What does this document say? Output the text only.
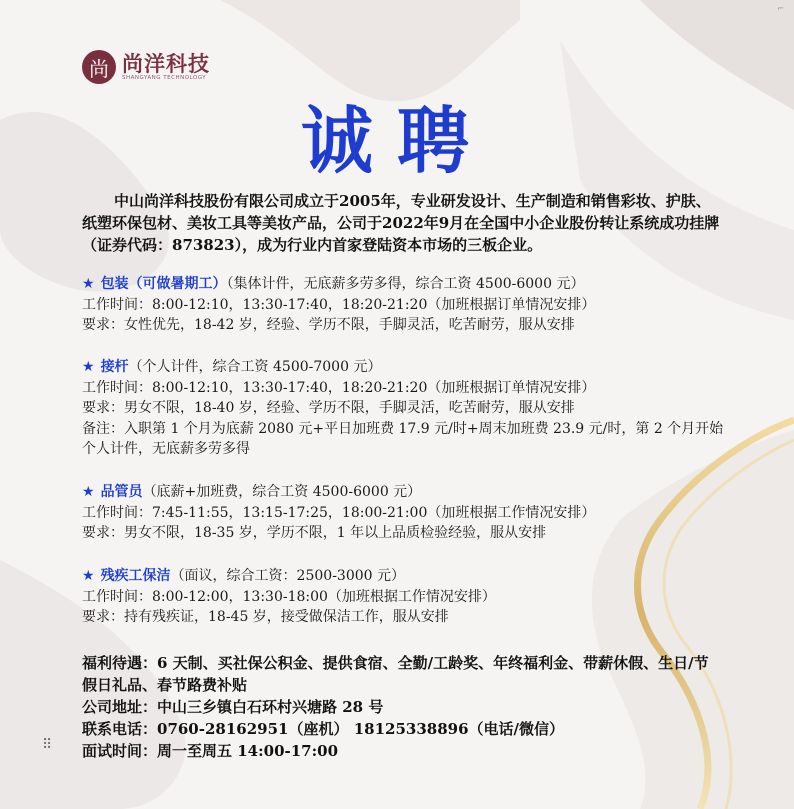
⌐
尚 尚洋科技
SHANGYANG TECHNOLOGY
诚聘
中山尚洋科技股份有限公司成立于2005年，专业研发设计、生产制造和销售彩妆、护肤、纸塑环保包材、美妆工具等美妆产品，公司于2022年9月在全国中小企业股份转让系统成功挂牌（证券代码：873823），成为行业内首家登陆资本市场的三板企业。
★ 包装（可做暑期工）（集体计件，无底薪多劳多得，综合工资 4500-6000 元）
工作时间：8:00-12:10，13:30-17:40，18:20-21:20（加班根据订单情况安排）
要求：女性优先，18-42 岁，经验、学历不限，手脚灵活，吃苦耐劳，服从安排
★ 接杆（个人计件，综合工资 4500-7000 元）
工作时间：8:00-12:10，13:30-17:40，18:20-21:20（加班根据订单情况安排）
要求：男女不限，18-40 岁，经验、学历不限，手脚灵活，吃苦耐劳，服从安排
备注：入职第 1 个月为底薪 2080 元+平日加班费 17.9 元/时+周末加班费 23.9 元/时，第 2 个月开始个人计件，无底薪多劳多得
★ 品管员（底薪+加班费，综合工资 4500-6000 元）
工作时间：7:45-11:55，13:15-17:25，18:00-21:00（加班根据工作情况安排）
要求：男女不限，18-35 岁，学历不限，1 年以上品质检验经验，服从安排
★ 残疾工保洁（面议，综合工资：2500-3000 元）
工作时间：8:00-12:00，13:30-18:00（加班根据工作情况安排）
要求：持有残疾证，18-45 岁，接受做保洁工作，服从安排
福利待遇：6 天制、买社保公积金、提供食宿、全勤/工龄奖、年终福利金、带薪休假、生日/节假日礼品、春节路费补贴
公司地址：中山三乡镇白石环村兴塘路 28 号
联系电话：0760-28162951（座机） 18125338896（电话/微信）
面试时间：周一至周五 14:00-17:00
⠿
